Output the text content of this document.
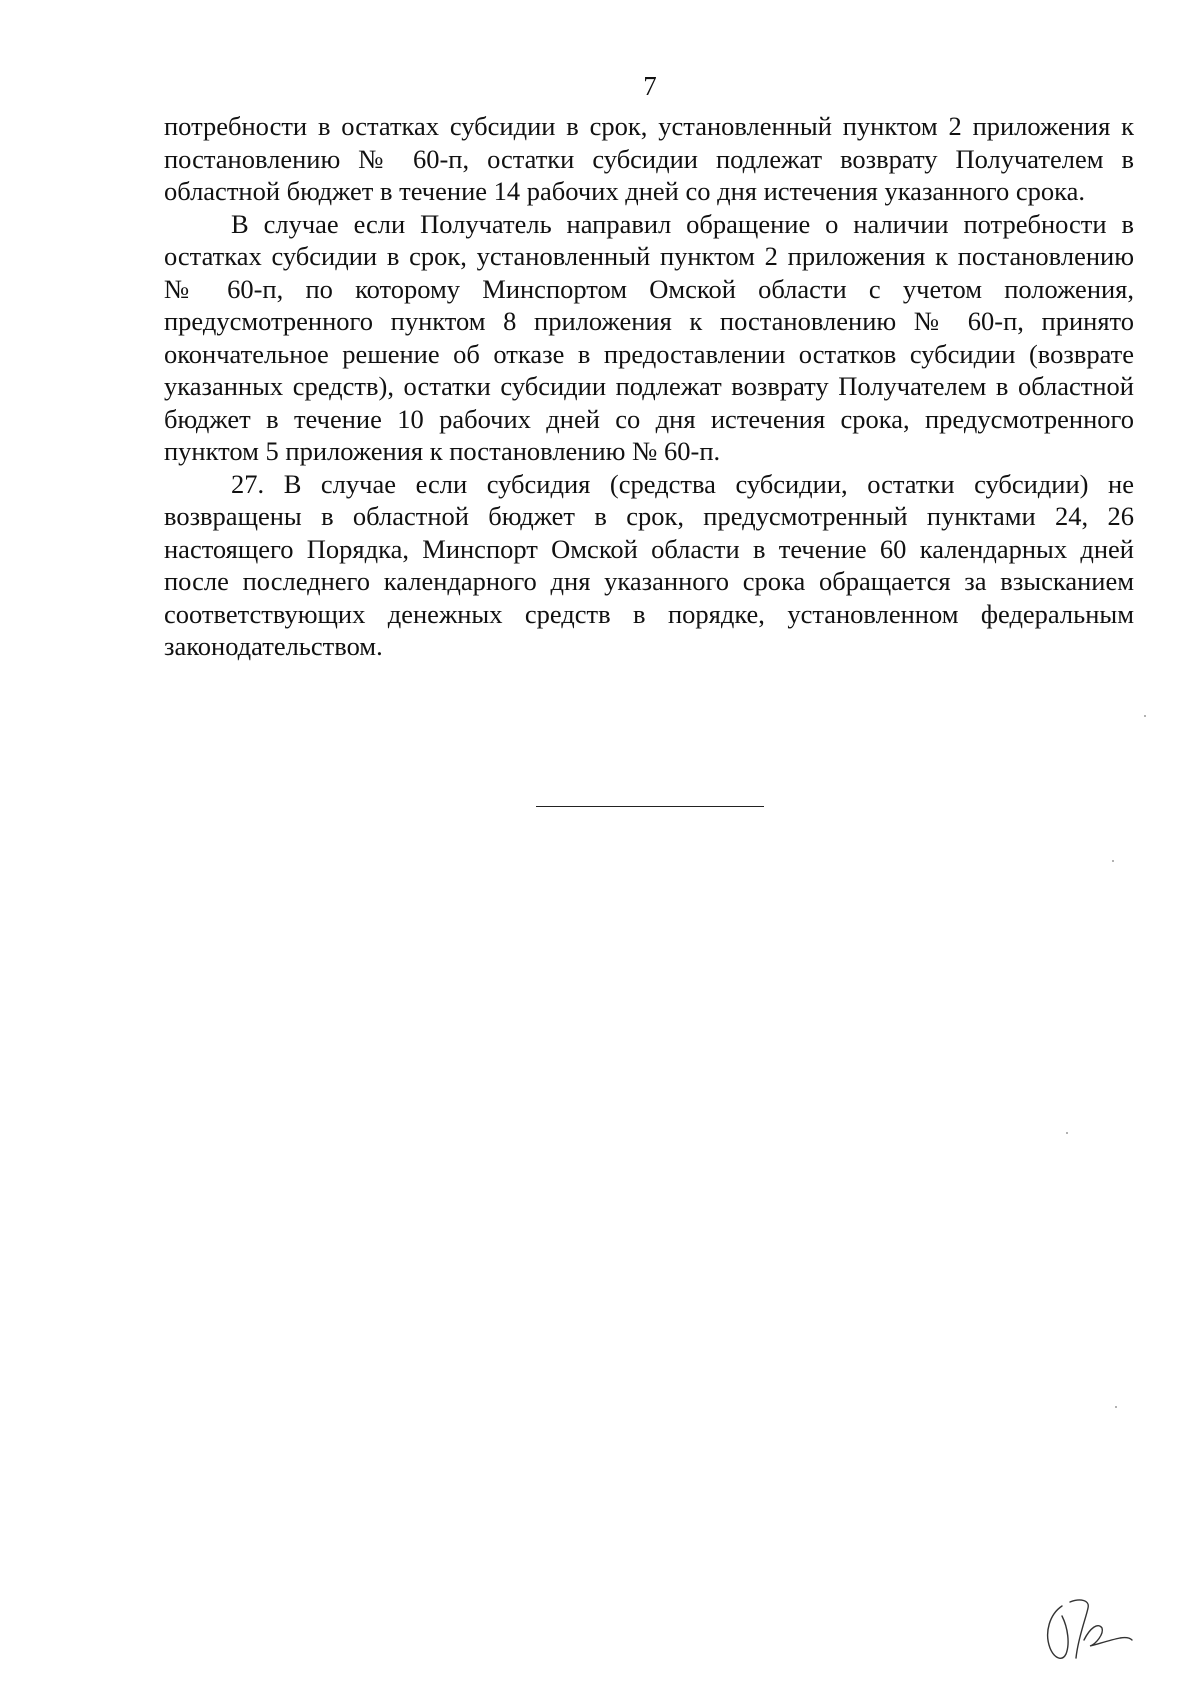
7

потребности в остатках субсидии в срок, установленный пунктом 2 приложения к постановлению № 60-п, остатки субсидии подлежат возврату Получателем в областной бюджет в течение 14 рабочих дней со дня истечения указанного срока.

В случае если Получатель направил обращение о наличии потребности в остатках субсидии в срок, установленный пунктом 2 приложения к постановлению № 60-п, по которому Минспортом Омской области с учетом положения, предусмотренного пунктом 8 приложения к постановлению № 60-п, принято окончательное решение об отказе в предоставлении остатков субсидии (возврате указанных средств), остатки субсидии подлежат возврату Получателем в областной бюджет в течение 10 рабочих дней со дня истечения срока, предусмотренного пунктом 5 приложения к постановлению № 60-п.

27. В случае если субсидия (средства субсидии, остатки субсидии) не возвращены в областной бюджет в срок, предусмотренный пунктами 24, 26 настоящего Порядка, Минспорт Омской области в течение 60 календарных дней после последнего календарного дня указанного срока обращается за взысканием соответствующих денежных средств в порядке, установленном федеральным законодательством.
